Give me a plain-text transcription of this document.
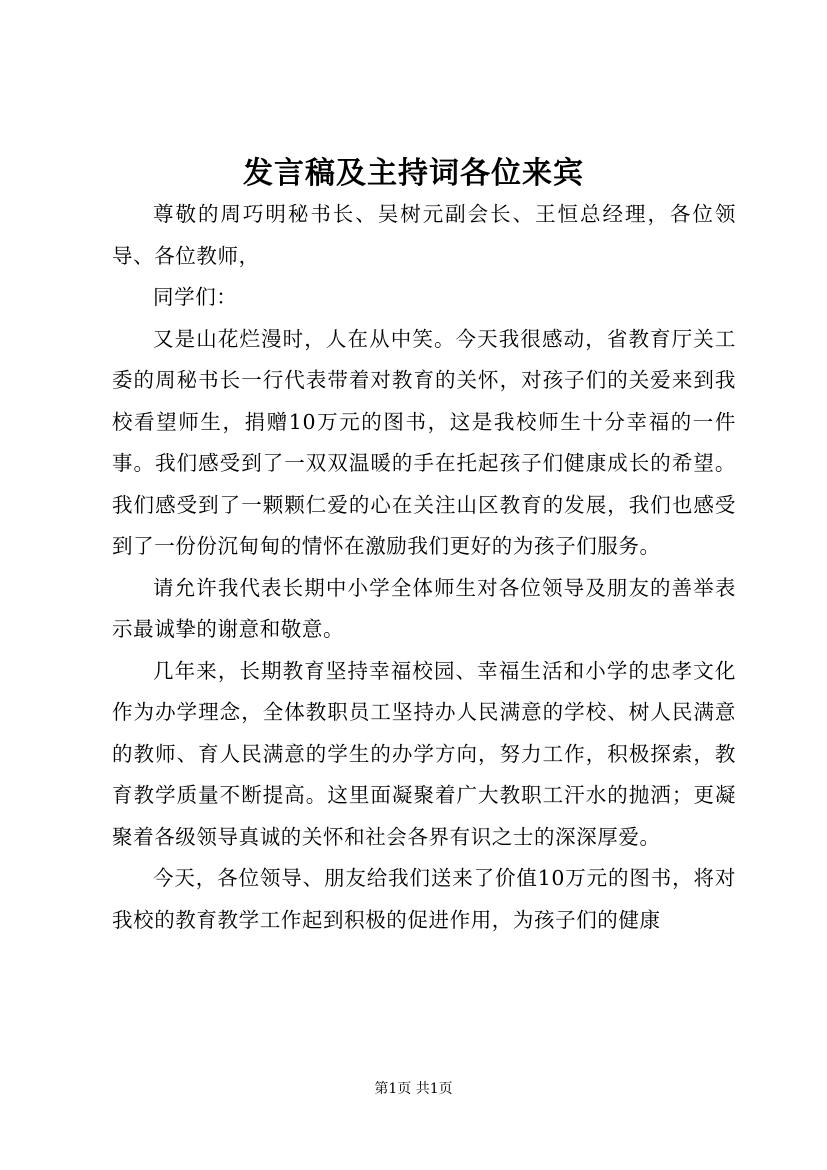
发言稿及主持词各位来宾

尊敬的周巧明秘书长、吴树元副会长、王恒总经理，各位领导、各位教师，

同学们：

又是山花烂漫时，人在从中笑。今天我很感动，省教育厅关工委的周秘书长一行代表带着对教育的关怀，对孩子们的关爱来到我校看望师生，捐赠10万元的图书，这是我校师生十分幸福的一件事。我们感受到了一双双温暖的手在托起孩子们健康成长的希望。我们感受到了一颗颗仁爱的心在关注山区教育的发展，我们也感受到了一份份沉甸甸的情怀在激励我们更好的为孩子们服务。

请允许我代表长期中小学全体师生对各位领导及朋友的善举表示最诚挚的谢意和敬意。

几年来，长期教育坚持幸福校园、幸福生活和小学的忠孝文化作为办学理念，全体教职员工坚持办人民满意的学校、树人民满意的教师、育人民满意的学生的办学方向，努力工作，积极探索，教育教学质量不断提高。这里面凝聚着广大教职工汗水的抛洒；更凝聚着各级领导真诚的关怀和社会各界有识之士的深深厚爱。

今天，各位领导、朋友给我们送来了价值10万元的图书，将对我校的教育教学工作起到积极的促进作用，为孩子们的健康

第1页 共1页
